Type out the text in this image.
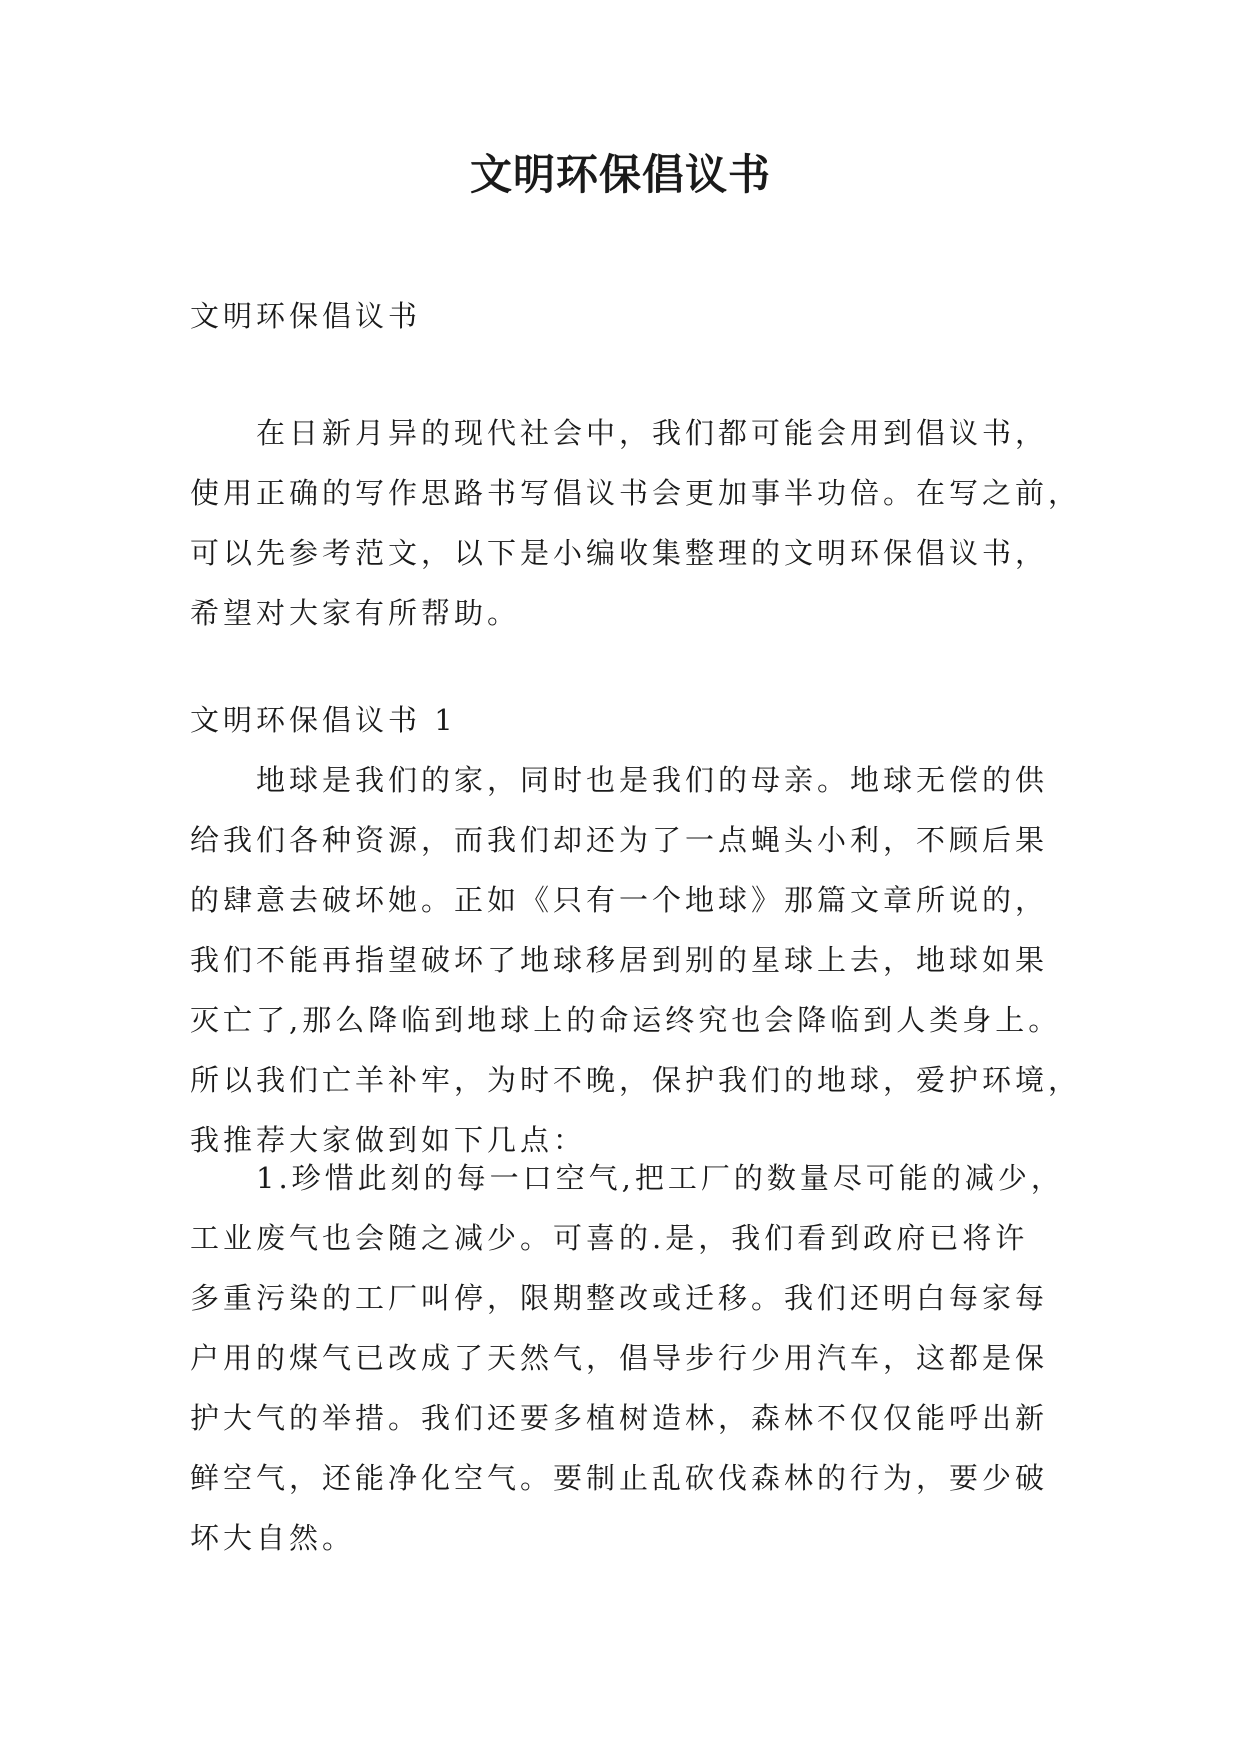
文明环保倡议书
文明环保倡议书
在日新月异的现代社会中，我们都可能会用到倡议书，
使用正确的写作思路书写倡议书会更加事半功倍。在写之前，
可以先参考范文，以下是小编收集整理的文明环保倡议书，
希望对大家有所帮助。
文明环保倡议书 1
地球是我们的家，同时也是我们的母亲。地球无偿的供
给我们各种资源，而我们却还为了一点蝇头小利，不顾后果
的肆意去破坏她。正如《只有一个地球》那篇文章所说的，
我们不能再指望破坏了地球移居到别的星球上去，地球如果
灭亡了,那么降临到地球上的命运终究也会降临到人类身上。
所以我们亡羊补牢，为时不晚，保护我们的地球，爱护环境，
我推荐大家做到如下几点：
1.珍惜此刻的每一口空气,把工厂的数量尽可能的减少，
工业废气也会随之减少。可喜的.是，我们看到政府已将许
多重污染的工厂叫停，限期整改或迁移。我们还明白每家每
户用的煤气已改成了天然气，倡导步行少用汽车，这都是保
护大气的举措。我们还要多植树造林，森林不仅仅能呼出新
鲜空气，还能净化空气。要制止乱砍伐森林的行为，要少破
坏大自然。
